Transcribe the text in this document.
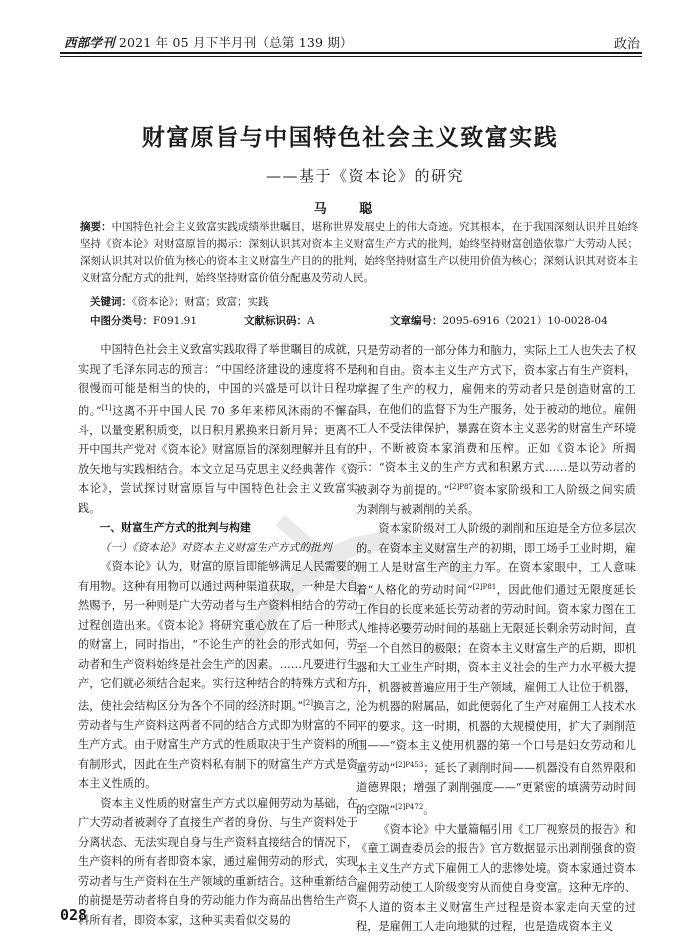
西部学刊 2021 年 05 月下半月刊（总第 139 期）	政治
财富原旨与中国特色社会主义致富实践
——基于《资本论》的研究
马 聪
摘要：中国特色社会主义致富实践成绩举世瞩目，堪称世界发展史上的伟大奇迹。究其根本，在于我国深刻认识并且始终坚持《资本论》对财富原旨的揭示：深刻认识其对资本主义财富生产方式的批判，始终坚持财富创造依靠广大劳动人民；深刻认识其对以价值为核心的资本主义财富生产目的的批判，始终坚持财富生产以使用价值为核心；深刻认识其对资本主义财富分配方式的批判，始终坚持财富价值分配惠及劳动人民。
关键词：《资本论》；财富；致富；实践
中图分类号：F091.91	文献标识码：A	文章编号：2095-6916（2021）10-0028-04

中国特色社会主义致富实践取得了举世瞩目的成就，实现了毛泽东同志的预言：“中国经济建设的速度将不是很慢而可能是相当的快的，中国的兴盛是可以计日程功的。”[1]这离不开中国人民 70 多年来栉风沐雨的不懈奋斗，以量变累积质变，以日积月累换来日新月异；更离不开中国共产党对《资本论》财富原旨的深刻理解并且有的放矢地与实践相结合。本文立足马克思主义经典著作《资本论》，尝试探讨财富原旨与中国特色社会主义致富实践。

一、财富生产方式的批判与构建

（一）《资本论》对资本主义财富生产方式的批判

《资本论》认为，财富的原旨即能够满足人民需要的有用物。这种有用物可以通过两种渠道获取，一种是大自然赐予，另一种则是广大劳动者与生产资料相结合的劳动过程创造出来。《资本论》将研究重心放在了后一种形式的财富上，同时指出，“不论生产的社会的形式如何，劳动者和生产资料始终是社会生产的因素。……凡要进行生产，它们就必须结合起来。实行这种结合的特殊方式和方法，使社会结构区分为各个不同的经济时期。”[2]换言之，劳动者与生产资料这两者不同的结合方式即为财富的不同生产方式。由于财富生产方式的性质取决于生产资料的所有制形式，因此在生产资料私有制下的财富生产方式是资本主义性质的。

资本主义性质的财富生产方式以雇佣劳动为基础，在广大劳动者被剥夺了直接生产者的身份、与生产资料处于分离状态、无法实现自身与生产资料直接结合的情况下，生产资料的所有者即资本家，通过雇佣劳动的形式，实现劳动者与生产资料在生产领域的重新结合。这种重新结合的前提是劳动者将自身的劳动能力作为商品出售给生产资料所有者，即资本家，这种买卖看似交易的

只是劳动者的一部分体力和脑力，实际上工人也失去了权利和自由。资本主义生产方式下，资本家占有生产资料，掌握了生产的权力，雇佣来的劳动者只是创造财富的工具，在他们的监督下为生产服务，处于被动的地位。雇佣工人不受法律保护，暴露在资本主义恶劣的财富生产环境中，不断被资本家消费和压榨。正如《资本论》所揭示：“资本主义的生产方式和积累方式……是以劳动者的被剥夺为前提的。”$^{[2]P87}$资本家阶级和工人阶级之间实质为剥削与被剥削的关系。

资本家阶级对工人阶级的剥削和压迫是全方位多层次的。在资本主义财富生产的初期，即工场手工业时期，雇佣工人是财富生产的主力军。在资本家眼中，工人意味着“人格化的劳动时间”$^{[2]P81}$，因此他们通过无限度延长工作日的长度来延长劳动者的劳动时间。资本家力图在工人维持必要劳动时间的基础上无限延长剩余劳动时间，直至一个自然日的极限；在资本主义财富生产的后期，即机器和大工业生产时期，资本主义社会的生产力水平极大提升，机器被普遍应用于生产领域，雇佣工人让位于机器，沦为机器的附属品，如此便弱化了生产对雇佣工人技术水平的要求。这一时期，机器的大规模使用，扩大了剥削范围——“资本主义使用机器的第一个口号是妇女劳动和儿童劳动”$^{[2]P453}$；延长了剥削时间——机器没有自然界限和道德界限；增强了剥削强度——“更紧密的填满劳动时间的空隙”$^{[2]P472}$。

《资本论》中大量篇幅引用《工厂视察员的报告》和《童工调查委员会的报告》官方数据显示出剥削强食的资本主义生产方式下雇佣工人的悲惨处境。资本家通过资本雇佣劳动使工人阶级变穷从而使自身变富。这种无序的、不人道的资本主义财富生产过程是资本家走向天堂的过程，是雇佣工人走向地狱的过程，也是造成资本主义

028
